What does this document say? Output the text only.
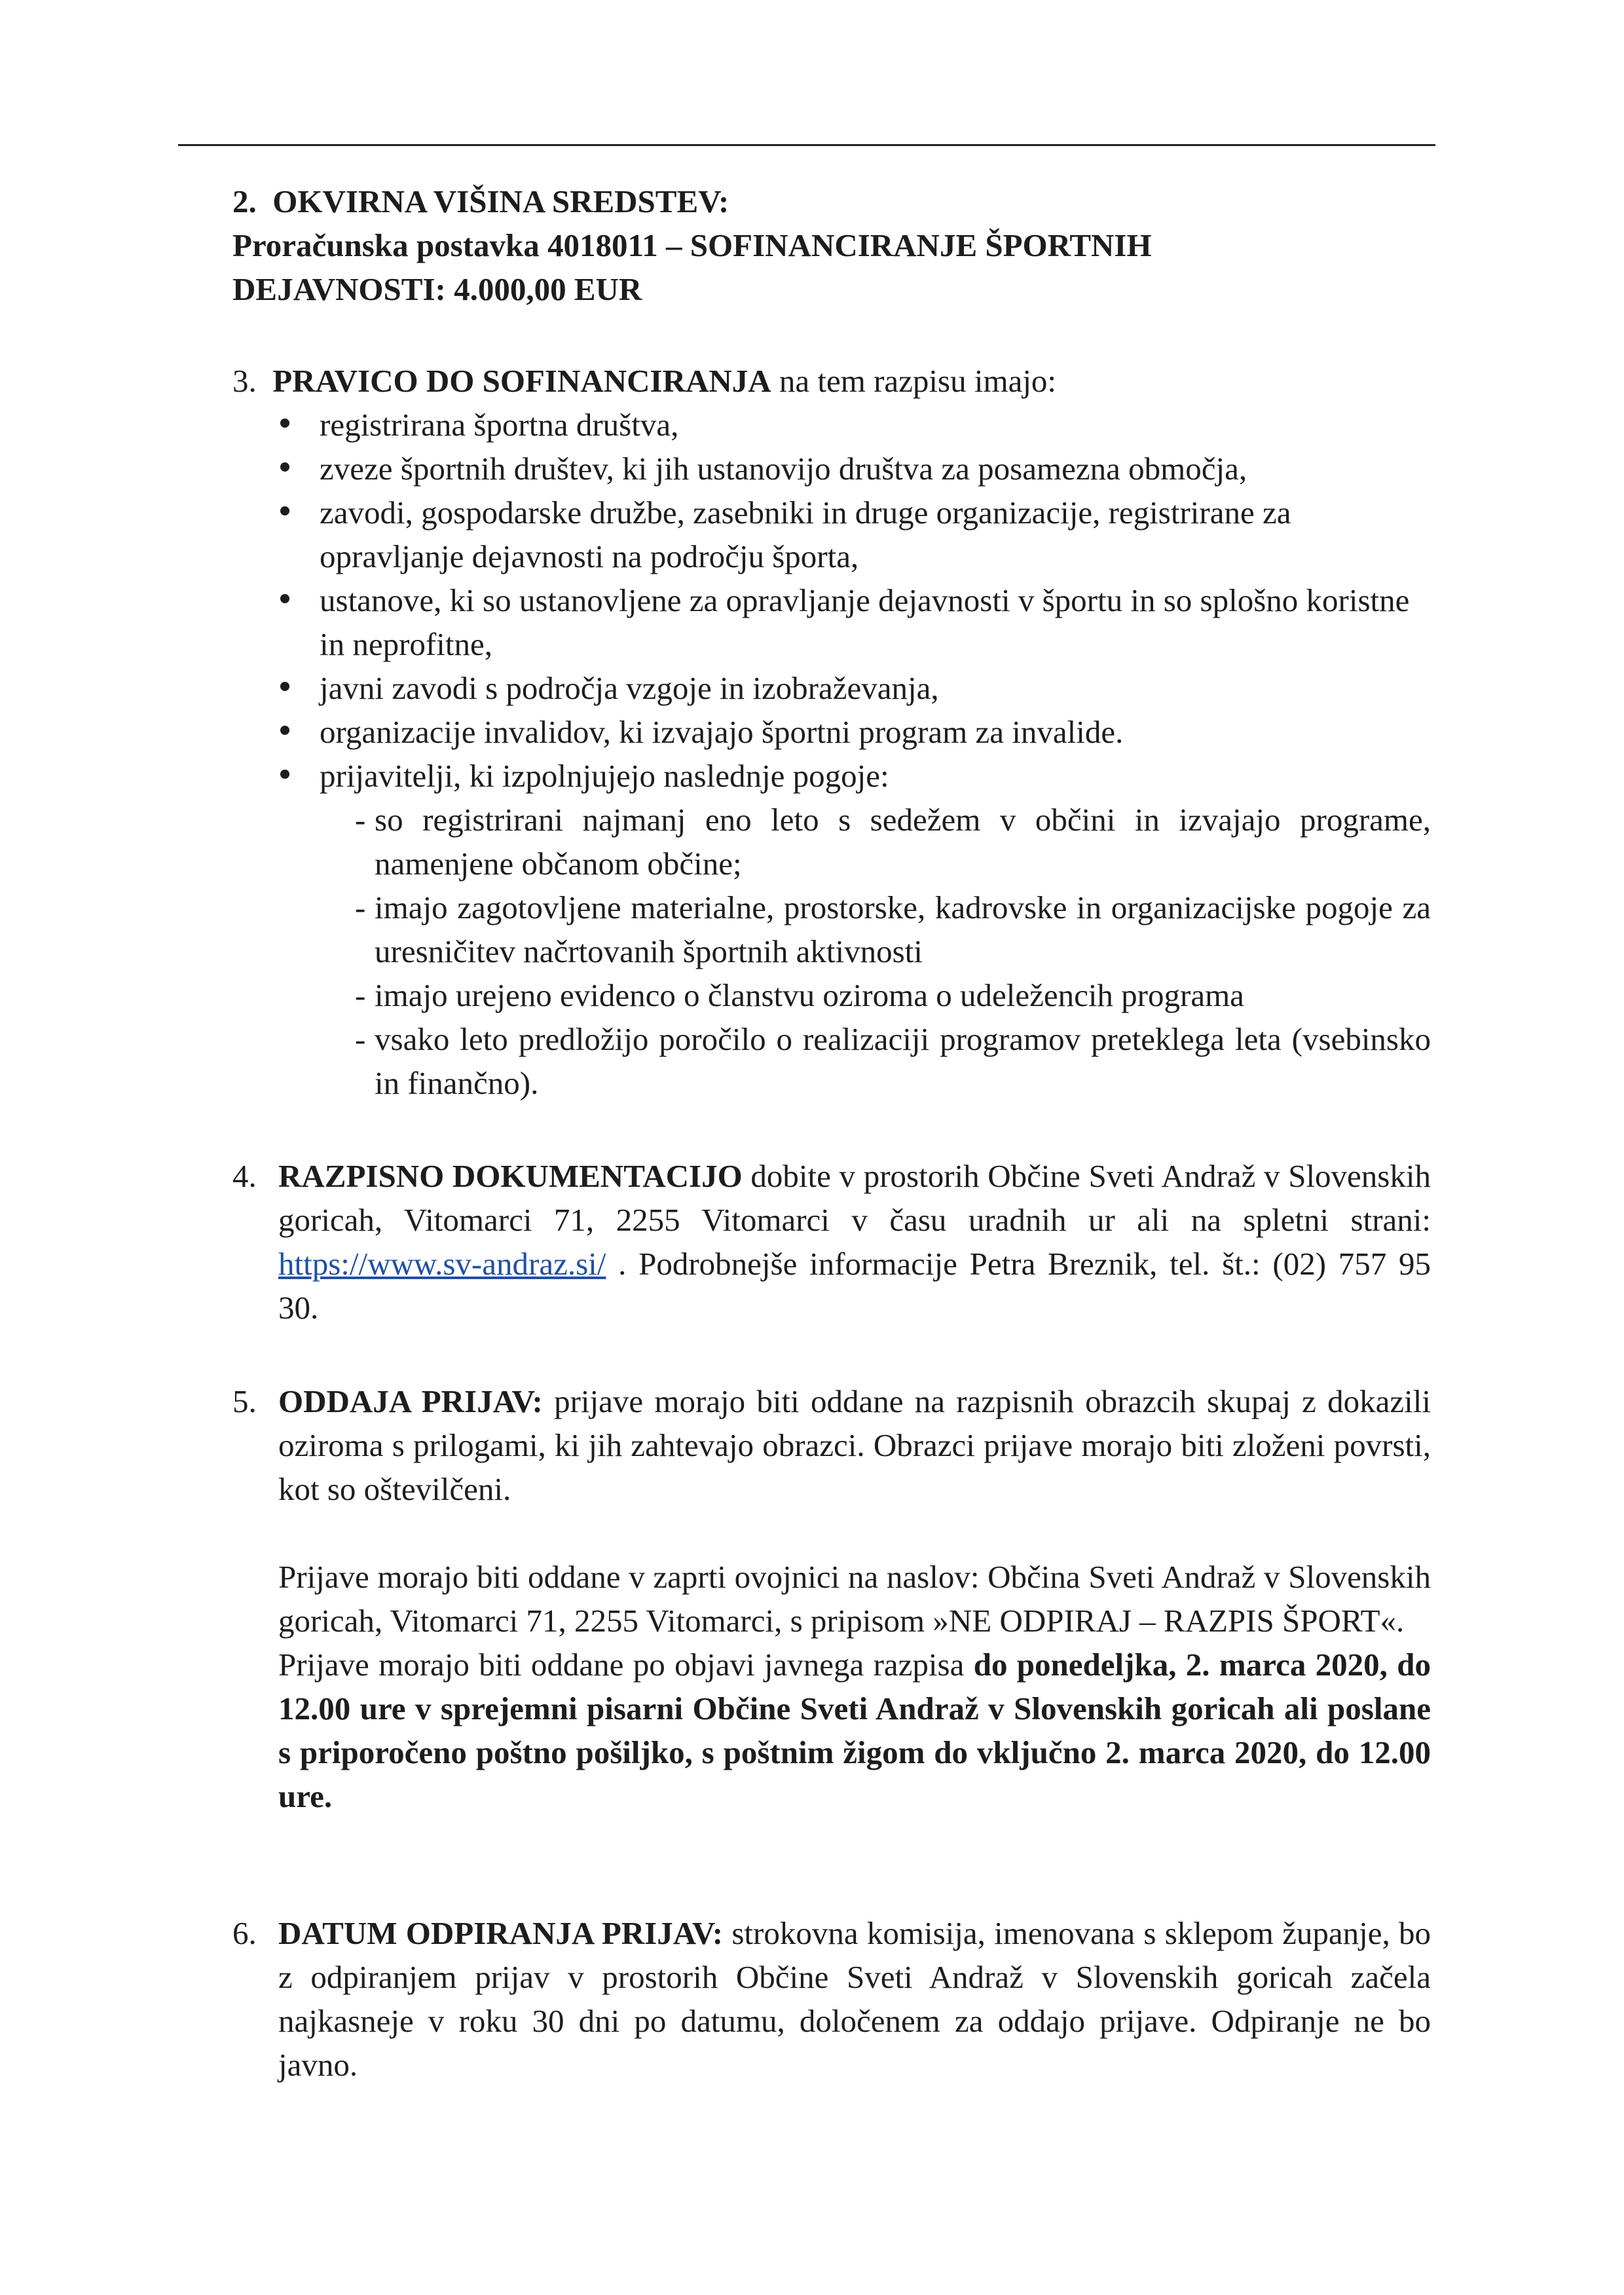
2. OKVIRNA VIŠINA SREDSTEV:
Proračunska postavka 4018011 – SOFINANCIRANJE ŠPORTNIH
DEJAVNOSTI: 4.000,00 EUR
3. PRAVICO DO SOFINANCIRANJA na tem razpisu imajo:
registrirana športna društva,
zveze športnih društev, ki jih ustanovijo društva za posamezna območja,
zavodi, gospodarske družbe, zasebniki in druge organizacije, registrirane za opravljanje dejavnosti na področju športa,
ustanove, ki so ustanovljene za opravljanje dejavnosti v športu in so splošno koristne in neprofitne,
javni zavodi s področja vzgoje in izobraževanja,
organizacije invalidov, ki izvajajo športni program za invalide.
prijavitelji, ki izpolnjujejo naslednje pogoje:
- so registrirani najmanj eno leto s sedežem v občini in izvajajo programe, namenjene občanom občine;
- imajo zagotovljene materialne, prostorske, kadrovske in organizacijske pogoje za uresničitev načrtovanih športnih aktivnosti
- imajo urejeno evidenco o članstvu oziroma o udeležencih programa
- vsako leto predložijo poročilo o realizaciji programov preteklega leta (vsebinsko in finančno).
4. RAZPISNO DOKUMENTACIJO dobite v prostorih Občine Sveti Andraž v Slovenskih goricah, Vitomarci 71, 2255 Vitomarci v času uradnih ur ali na spletni strani: https://www.sv-andraz.si/ . Podrobnejše informacije Petra Breznik, tel. št.: (02) 757 95 30.
5. ODDAJA PRIJAV: prijave morajo biti oddane na razpisnih obrazcih skupaj z dokazili oziroma s prilogami, ki jih zahtevajo obrazci. Obrazci prijave morajo biti zloženi povrsti, kot so oštevilčeni.
Prijave morajo biti oddane v zaprti ovojnici na naslov: Občina Sveti Andraž v Slovenskih goricah, Vitomarci 71, 2255 Vitomarci, s pripisom »NE ODPIRAJ – RAZPIS ŠPORT«.
Prijave morajo biti oddane po objavi javnega razpisa do ponedeljka, 2. marca 2020, do 12.00 ure v sprejemni pisarni Občine Sveti Andraž v Slovenskih goricah ali poslane s priporočeno poštno pošiljko, s poštnim žigom do vključno 2. marca 2020, do 12.00 ure.
6. DATUM ODPIRANJA PRIJAV: strokovna komisija, imenovana s sklepom županje, bo z odpiranjem prijav v prostorih Občine Sveti Andraž v Slovenskih goricah začela najkasneje v roku 30 dni po datumu, določenem za oddajo prijave. Odpiranje ne bo javno.
